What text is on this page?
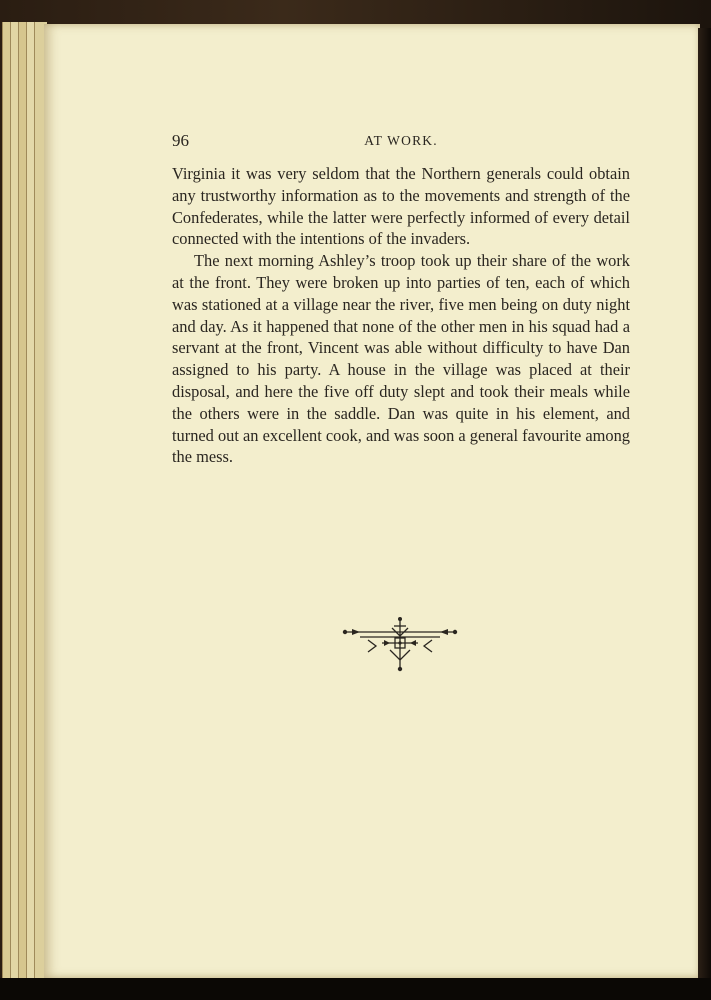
96	AT WORK.

Virginia it was very seldom that the Northern generals could obtain any trustworthy information as to the movements and strength of the Confederates, while the latter were perfectly informed of every detail connected with the intentions of the invaders.

The next morning Ashley’s troop took up their share of the work at the front. They were broken up into parties of ten, each of which was stationed at a village near the river, five men being on duty night and day. As it happened that none of the other men in his squad had a servant at the front, Vincent was able without difficulty to have Dan assigned to his party. A house in the village was placed at their disposal, and here the five off duty slept and took their meals while the others were in the saddle. Dan was quite in his element, and turned out an excellent cook, and was soon a general favourite among the mess.
